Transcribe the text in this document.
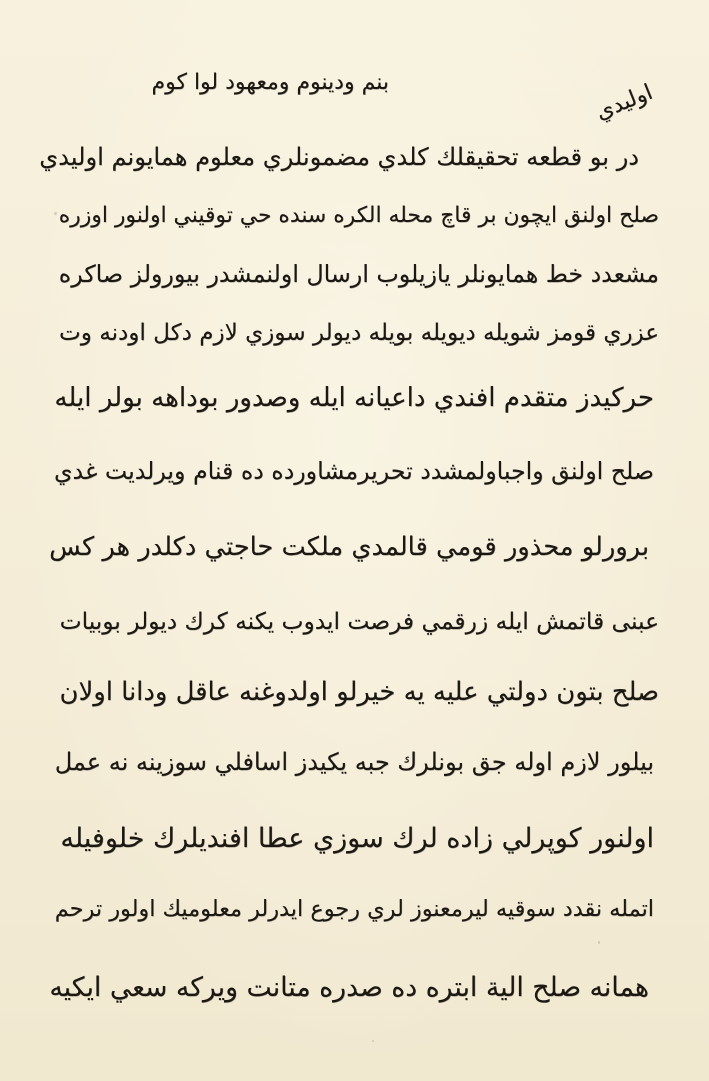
بنم ودينوم ومعهود لوا كوم	اوليدي
در بو قطعه تحقيقلك كلدي مضمونلري معلوم همايونم اوليدي
صلح اولنق ايچون بر قاچ محله الكره سنده حي توقيني اولنور اوزره
مشعدد خط همايونلر يازيلوب ارسال اولنمشدر بيورولز صاكره
عزري قومز شويله ديويله بويله ديولر سوزي لازم دكل اودنه وت
حركيدز متقدم افندي داعيانه ايله وصدور بوداهه بولر ايله
صلح اولنق واجباولمشدد تحريرمشاورده ده قنام ويرلديت غدي
برورلو محذور قومي قالمدي ملكت حاجتي دكلدر هر كس
عبنى قاتمش ايله زرقمي فرصت ايدوب يكنه كرك ديولر بوبيات
صلح بتون دولتي عليه يه خيرلو اولدوغنه عاقل ودانا اولان
بيلور لازم اوله جق بونلرك جبه يكيدز اسافلي سوزينه نه عمل
اولنور كوپرلي زاده لرك سوزي عطا افنديلرك خلوفيله
اتمله نقدد سوقيه ليرمعنوز لري رجوع ايدرلر معلوميك اولور ترحم
همانه صلح الية ابتره ده صدره متانت ويركه سعي ايكيه
